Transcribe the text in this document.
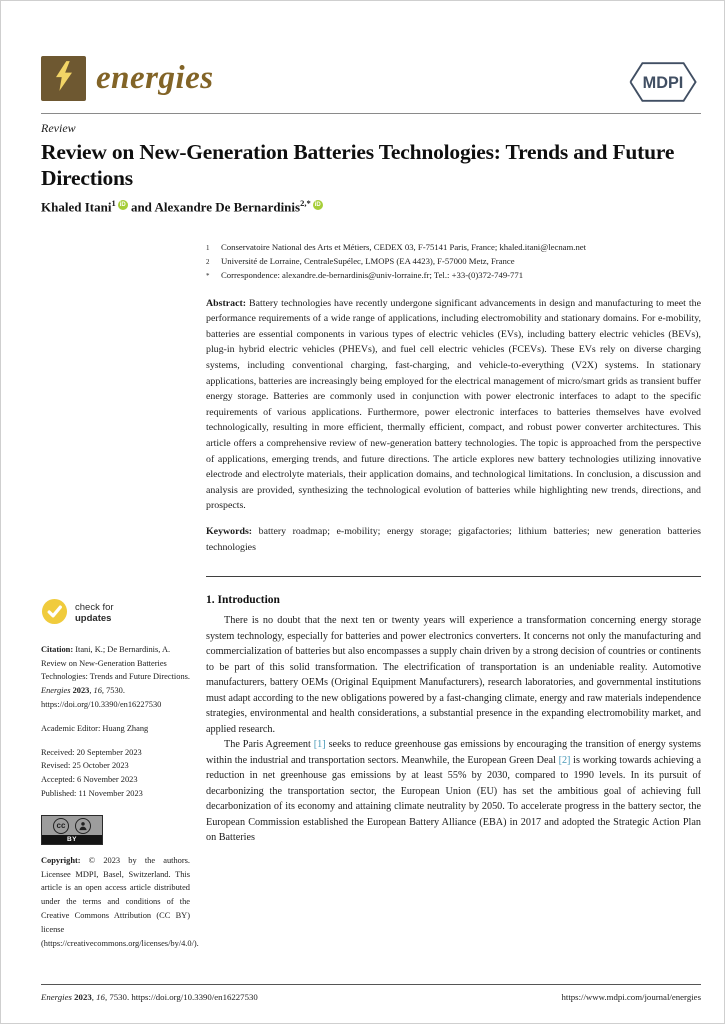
energies	MDPI
Review
Review on New-Generation Batteries Technologies: Trends and Future Directions
Khaled Itani$^1$ iD and Alexandre De Bernardinis$^{2,*}$ iD
1	Conservatoire National des Arts et Métiers, CEDEX 03, F-75141 Paris, France; khaled.itani@lecnam.net
2	Université de Lorraine, CentraleSupélec, LMOPS (EA 4423), F-57000 Metz, France
*	Correspondence: alexandre.de-bernardinis@univ-lorraine.fr; Tel.: +33-(0)372-749-771

Abstract: Battery technologies have recently undergone significant advancements in design and manufacturing to meet the performance requirements of a wide range of applications, including electromobility and stationary domains. For e-mobility, batteries are essential components in various types of electric vehicles (EVs), including battery electric vehicles (BEVs), plug-in hybrid electric vehicles (PHEVs), and fuel cell electric vehicles (FCEVs). These EVs rely on diverse charging systems, including conventional charging, fast-charging, and vehicle-to-everything (V2X) systems. In stationary applications, batteries are increasingly being employed for the electrical management of micro/smart grids as transient buffer energy storage. Batteries are commonly used in conjunction with power electronic interfaces to adapt to the specific requirements of various applications. Furthermore, power electronic interfaces to batteries themselves have evolved technologically, resulting in more efficient, thermally efficient, compact, and robust power converter architectures. This article offers a comprehensive review of new-generation battery technologies. The topic is approached from the perspective of applications, emerging trends, and future directions. The article explores new battery technologies utilizing innovative electrode and electrolyte materials, their application domains, and technological limitations. In conclusion, a discussion and analysis are provided, synthesizing the technological evolution of batteries while highlighting new trends, directions, and prospects.

Keywords: battery roadmap; e-mobility; energy storage; gigafactories; lithium batteries; new generation batteries technologies

1. Introduction

There is no doubt that the next ten or twenty years will experience a transformation concerning energy storage system technology, especially for batteries and power electronics converters. It concerns not only the manufacturing and commercialization of batteries but also encompasses a supply chain driven by a strong decision of countries or continents to be part of this solid transformation. The electrification of transportation is an undeniable reality. Automotive manufacturers, battery OEMs (Original Equipment Manufacturers), research laboratories, and governmental institutions must adapt according to the new obligations powered by a fast-changing climate, energy and raw materials independence strategies, environmental and health considerations, a substantial presence in the expanding electromobility market, and applied research.

The Paris Agreement [1] seeks to reduce greenhouse gas emissions by encouraging the transition of energy systems within the industrial and transportation sectors. Meanwhile, the European Green Deal [2] is working towards achieving a reduction in net greenhouse gas emissions by at least 55% by 2030, compared to 1990 levels. In its pursuit of decarbonizing the transportation sector, the European Union (EU) has set the ambitious goal of achieving full decarbonization of its economy and attaining climate neutrality by 2050. To accelerate progress in the battery sector, the European Commission established the European Battery Alliance (EBA) in 2017 and adopted the Strategic Action Plan on Batteries

check for
updates
Citation: Itani, K.; De Bernardinis, A. Review on New-Generation Batteries Technologies: Trends and Future Directions. Energies 2023, 16, 7530. https://doi.org/10.3390/en16227530
Academic Editor: Huang Zhang
Received: 20 September 2023
Revised: 25 October 2023
Accepted: 6 November 2023
Published: 11 November 2023
cc
BY
Copyright: © 2023 by the authors. Licensee MDPI, Basel, Switzerland. This article is an open access article distributed under the terms and conditions of the Creative Commons Attribution (CC BY) license (https://creativecommons.org/licenses/by/4.0/).
Energies 2023, 16, 7530. https://doi.org/10.3390/en16227530	https://www.mdpi.com/journal/energies
